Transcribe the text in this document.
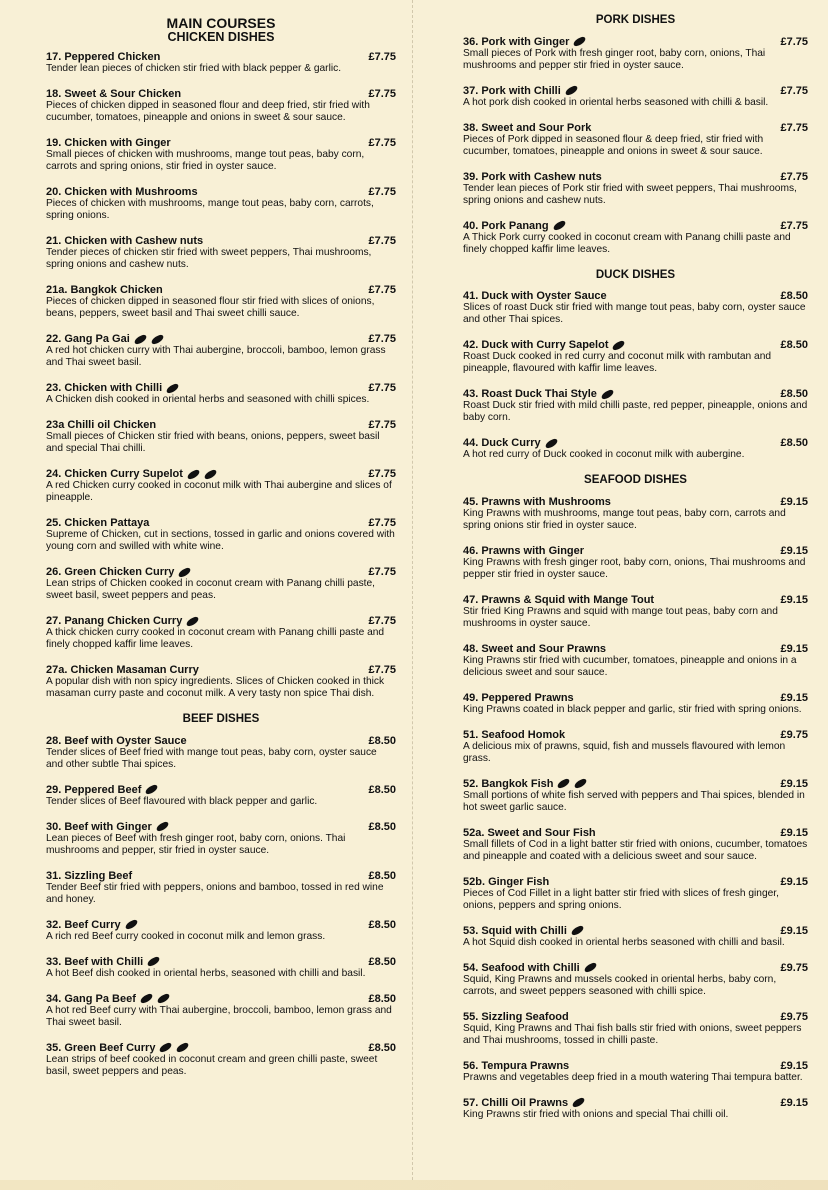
MAIN COURSES
CHICKEN DISHES
17. Peppered Chicken	£7.75
Tender lean pieces of chicken stir fried with black pepper & garlic.
18. Sweet & Sour Chicken	£7.75
Pieces of chicken dipped in seasoned flour and deep fried, stir fried with cucumber, tomatoes, pineapple and onions in sweet & sour sauce.
19. Chicken with Ginger	£7.75
Small pieces of chicken with mushrooms, mange tout peas, baby corn, carrots and spring onions, stir fried in oyster sauce.
20. Chicken with Mushrooms	£7.75
Pieces of chicken with mushrooms, mange tout peas, baby corn, carrots, spring onions.
21. Chicken with Cashew nuts	£7.75
Tender pieces of chicken stir fried with sweet peppers, Thai mushrooms, spring onions and cashew nuts.
21a. Bangkok Chicken	£7.75
Pieces of chicken dipped in seasoned flour stir fried with slices of onions, beans, peppers, sweet basil and Thai sweet chilli sauce.
22. Gang Pa Gai	£7.75
A red hot chicken curry with Thai aubergine, broccoli, bamboo, lemon grass and Thai sweet basil.
23. Chicken with Chilli	£7.75
A Chicken dish cooked in oriental herbs and seasoned with chilli spices.
23a Chilli oil Chicken	£7.75
Small pieces of Chicken stir fried with beans, onions, peppers, sweet basil and special Thai chilli.
24. Chicken Curry Supelot	£7.75
A red Chicken curry cooked in coconut milk with Thai aubergine and slices of pineapple.
25. Chicken Pattaya	£7.75
Supreme of Chicken, cut in sections, tossed in garlic and onions covered with young corn and swilled with white wine.
26. Green Chicken Curry	£7.75
Lean strips of Chicken cooked in coconut cream with Panang chilli paste, sweet basil, sweet peppers and peas.
27. Panang Chicken Curry	£7.75
A thick chicken curry cooked in coconut cream with Panang chilli paste and finely chopped kaffir lime leaves.
27a. Chicken Masaman Curry	£7.75
A popular dish with non spicy ingredients. Slices of Chicken cooked in thick masaman curry paste and coconut milk. A very tasty non spice Thai dish.
BEEF DISHES
28. Beef with Oyster Sauce	£8.50
Tender slices of Beef fried with mange tout peas, baby corn, oyster sauce and other subtle Thai spices.
29. Peppered Beef	£8.50
Tender slices of Beef flavoured with black pepper and garlic.
30. Beef with Ginger	£8.50
Lean pieces of Beef with fresh ginger root, baby corn, onions. Thai mushrooms and pepper, stir fried in oyster sauce.
31. Sizzling Beef	£8.50
Tender Beef stir fried with peppers, onions and bamboo, tossed in red wine and honey.
32. Beef Curry	£8.50
A rich red Beef curry cooked in coconut milk and lemon grass.
33. Beef with Chilli	£8.50
A hot Beef dish cooked in oriental herbs, seasoned with chilli and basil.
34. Gang Pa Beef	£8.50
A hot red Beef curry with Thai aubergine, broccoli, bamboo, lemon grass and Thai sweet basil.
35. Green Beef Curry	£8.50
Lean strips of beef cooked in coconut cream and green chilli paste, sweet basil, sweet peppers and peas.
PORK DISHES
36. Pork with Ginger	£7.75
Small pieces of Pork with fresh ginger root, baby corn, onions, Thai mushrooms and pepper stir fried in oyster sauce.
37. Pork with Chilli	£7.75
A hot pork dish cooked in oriental herbs seasoned with chilli & basil.
38. Sweet and Sour Pork	£7.75
Pieces of Pork dipped in seasoned flour & deep fried, stir fried with cucumber, tomatoes, pineapple and onions in sweet & sour sauce.
39. Pork with Cashew nuts	£7.75
Tender lean pieces of Pork stir fried with sweet peppers, Thai mushrooms, spring onions and cashew nuts.
40. Pork Panang	£7.75
A Thick Pork curry cooked in coconut cream with Panang chilli paste and finely chopped kaffir lime leaves.
DUCK DISHES
41. Duck with Oyster Sauce	£8.50
Slices of roast Duck stir fried with mange tout peas, baby corn, oyster sauce and other Thai spices.
42. Duck with Curry Sapelot	£8.50
Roast Duck cooked in red curry and coconut milk with rambutan and pineapple, flavoured with kaffir lime leaves.
43. Roast Duck Thai Style	£8.50
Roast Duck stir fried with mild chilli paste, red pepper, pineapple, onions and baby corn.
44. Duck Curry	£8.50
A hot red curry of Duck cooked in coconut milk with aubergine.
SEAFOOD DISHES
45. Prawns with Mushrooms	£9.15
King Prawns with mushrooms, mange tout peas, baby corn, carrots and spring onions stir fried in oyster sauce.
46. Prawns with Ginger	£9.15
King Prawns with fresh ginger root, baby corn, onions, Thai mushrooms and pepper stir fried in oyster sauce.
47. Prawns & Squid with Mange Tout	£9.15
Stir fried King Prawns and squid with mange tout peas, baby corn and mushrooms in oyster sauce.
48. Sweet and Sour Prawns	£9.15
King Prawns stir fried with cucumber, tomatoes, pineapple and onions in a delicious sweet and sour sauce.
49. Peppered Prawns	£9.15
King Prawns coated in black pepper and garlic, stir fried with spring onions.
51. Seafood Homok	£9.75
A delicious mix of prawns, squid, fish and mussels flavoured with lemon grass.
52. Bangkok Fish	£9.15
Small portions of white fish served with peppers and Thai spices, blended in hot sweet garlic sauce.
52a. Sweet and Sour Fish	£9.15
Small fillets of Cod in a light batter stir fried with onions, cucumber, tomatoes and pineapple and coated with a delicious sweet and sour sauce.
52b. Ginger Fish	£9.15
Pieces of Cod Fillet in a light batter stir fried with slices of fresh ginger, onions, peppers and spring onions.
53. Squid with Chilli	£9.15
A hot Squid dish cooked in oriental herbs seasoned with chilli and basil.
54. Seafood with Chilli	£9.75
Squid, King Prawns and mussels cooked in oriental herbs, baby corn, carrots, and sweet peppers seasoned with chilli spice.
55. Sizzling Seafood	£9.75
Squid, King Prawns and Thai fish balls stir fried with onions, sweet peppers and Thai mushrooms, tossed in chilli paste.
56. Tempura Prawns	£9.15
Prawns and vegetables deep fried in a mouth watering Thai tempura batter.
57. Chilli Oil Prawns	£9.15
King Prawns stir fried with onions and special Thai chilli oil.
